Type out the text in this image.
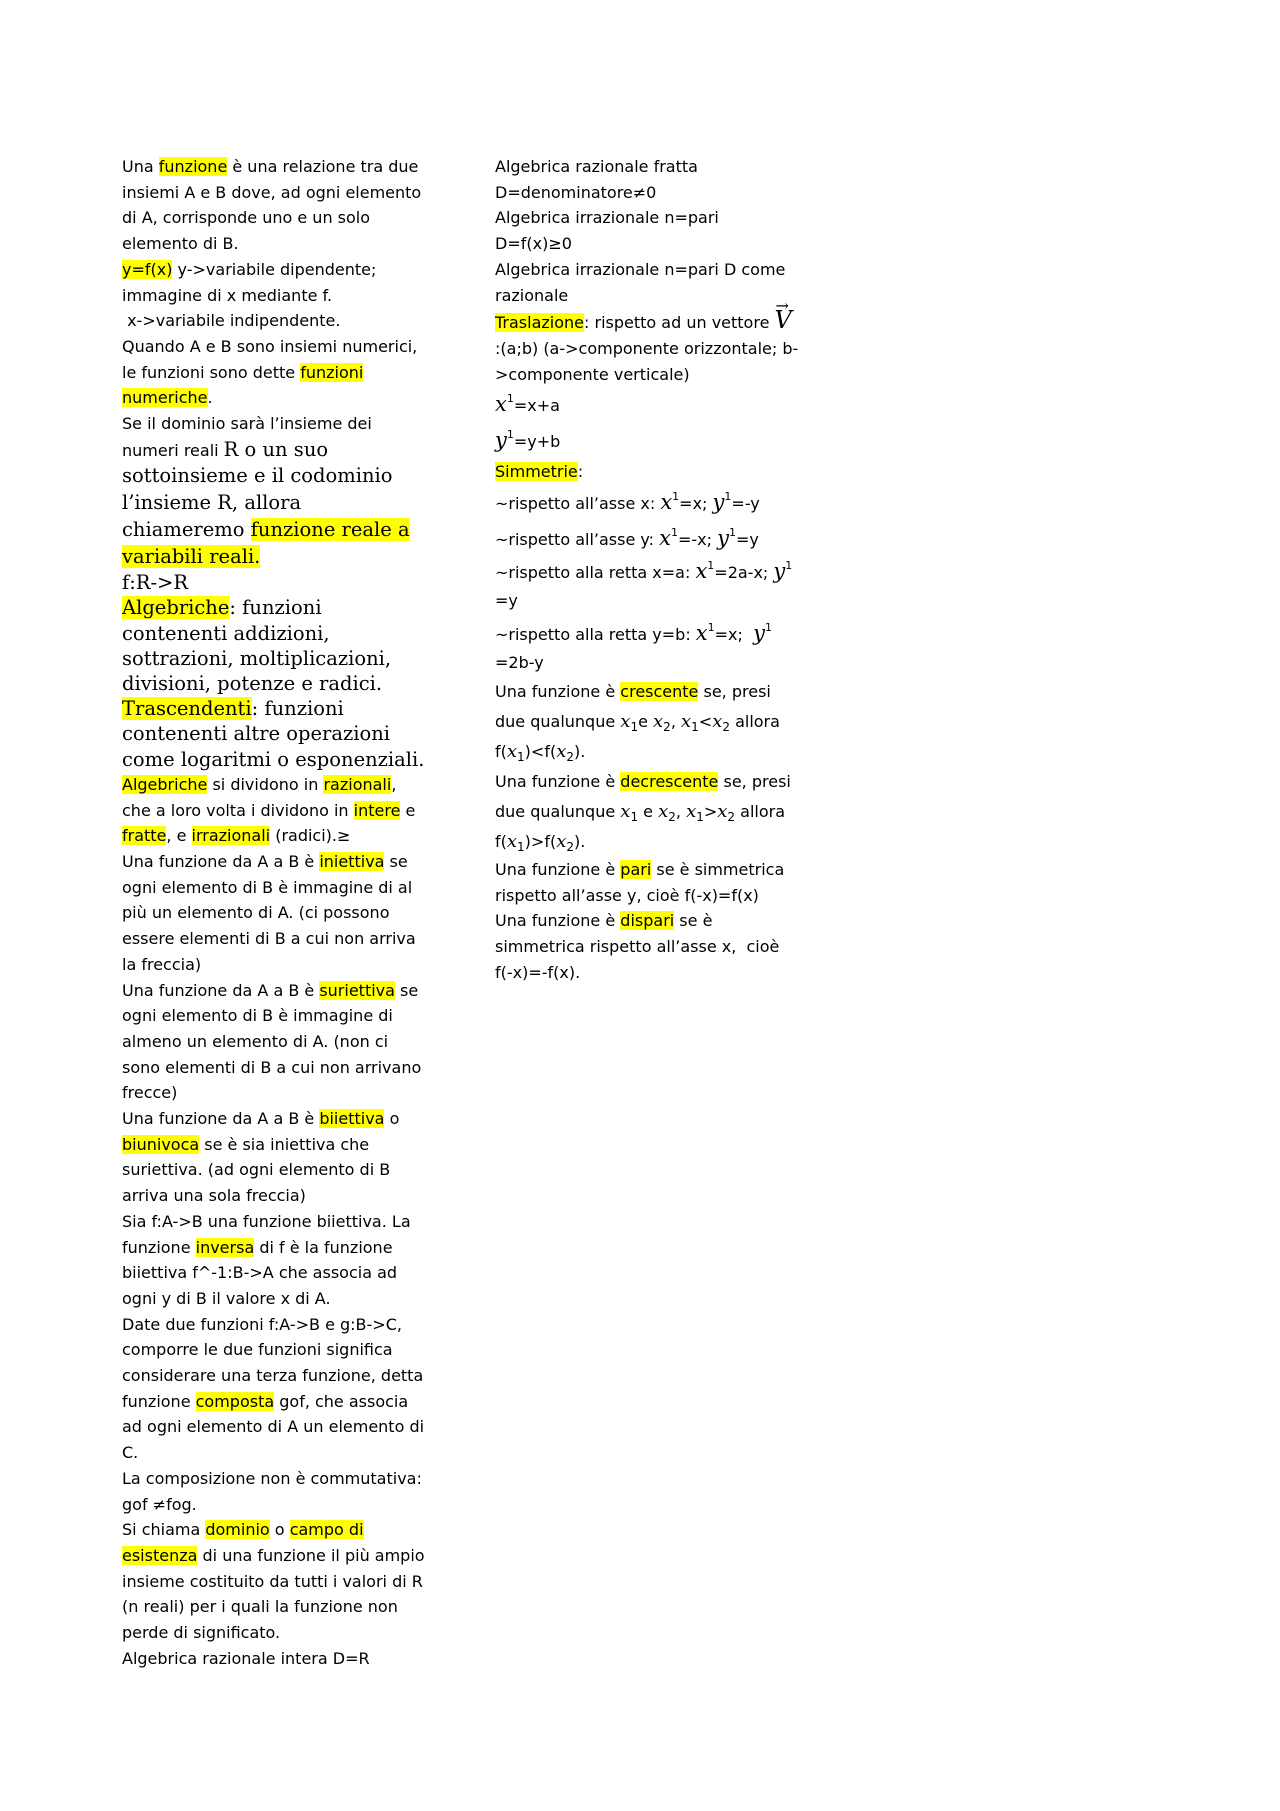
Una funzione è una relazione tra due insiemi A e B dove, ad ogni elemento di A, corrisponde uno e un solo elemento di B.

y=f(x) y->variabile dipendente;

immagine di x mediante f.

x->variabile indipendente.

Quando A e B sono insiemi numerici, le funzioni sono dette funzioni numeriche.

Se il dominio sarà l’insieme dei numeri reali R o un suo sottoinsieme e il codominio l’insieme R, allora chiameremo funzione reale a variabili reali.

f:R->R

Algebriche: funzioni contenenti addizioni, sottrazioni, moltiplicazioni, divisioni, potenze e radici.

Trascendenti: funzioni contenenti altre operazioni come logaritmi o esponenziali.

Algebriche si dividono in razionali, che a loro volta i dividono in intere e fratte, e irrazionali (radici).≥

Una funzione da A a B è iniettiva se ogni elemento di B è immagine di al più un elemento di A. (ci possono essere elementi di B a cui non arriva la freccia)

Una funzione da A a B è suriettiva se ogni elemento di B è immagine di almeno un elemento di A. (non ci sono elementi di B a cui non arrivano frecce)

Una funzione da A a B è biiettiva o biunivoca se è sia iniettiva che suriettiva. (ad ogni elemento di B arriva una sola freccia)

Sia f:A->B una funzione biiettiva. La funzione inversa di f è la funzione biiettiva f^-1:B->A che associa ad ogni y di B il valore x di A.

Date due funzioni f:A->B e g:B->C, comporre le due funzioni significa considerare una terza funzione, detta funzione composta gof, che associa ad ogni elemento di A un elemento di C.

La composizione non è commutativa: gof ≠fog.

Si chiama dominio o campo di esistenza di una funzione il più ampio insieme costituito da tutti i valori di R (n reali) per i quali la funzione non perde di significato.

Algebrica razionale intera D=R

Algebrica razionale fratta D=denominatore≠0

Algebrica irrazionale n=pari D=f(x)≥0

Algebrica irrazionale n=pari D come razionale

Traslazione: rispetto ad un vettore → V :(a;b) (a->componente orizzontale; b->componente verticale)

$x^1=x+a$

$y^1=y+b$

Simmetrie:

~rispetto all’asse x: $x^1=x$; $y^1=-y$

~rispetto all’asse y: $x^1=-x$; $y^1=y$

~rispetto alla retta x=a: $x^1=2a-x$; $y^1 =y$

~rispetto alla retta y=b: $x^1=x$;  $y^1 =2b-y$

Una funzione è crescente se, presi due qualunque $x_1e$ $x_2$, $x_1<x_2$ allora $f(x_1)<f(x_2)$.

Una funzione è decrescente se, presi due qualunque $x_1$ e $x_2$, $x_1>x_2$ allora $f(x_1)>f(x_2)$.

Una funzione è pari se è simmetrica rispetto all’asse y, cioè f(-x)=f(x)

Una funzione è dispari se è simmetrica rispetto all’asse x,  cioè f(-x)=-f(x).
